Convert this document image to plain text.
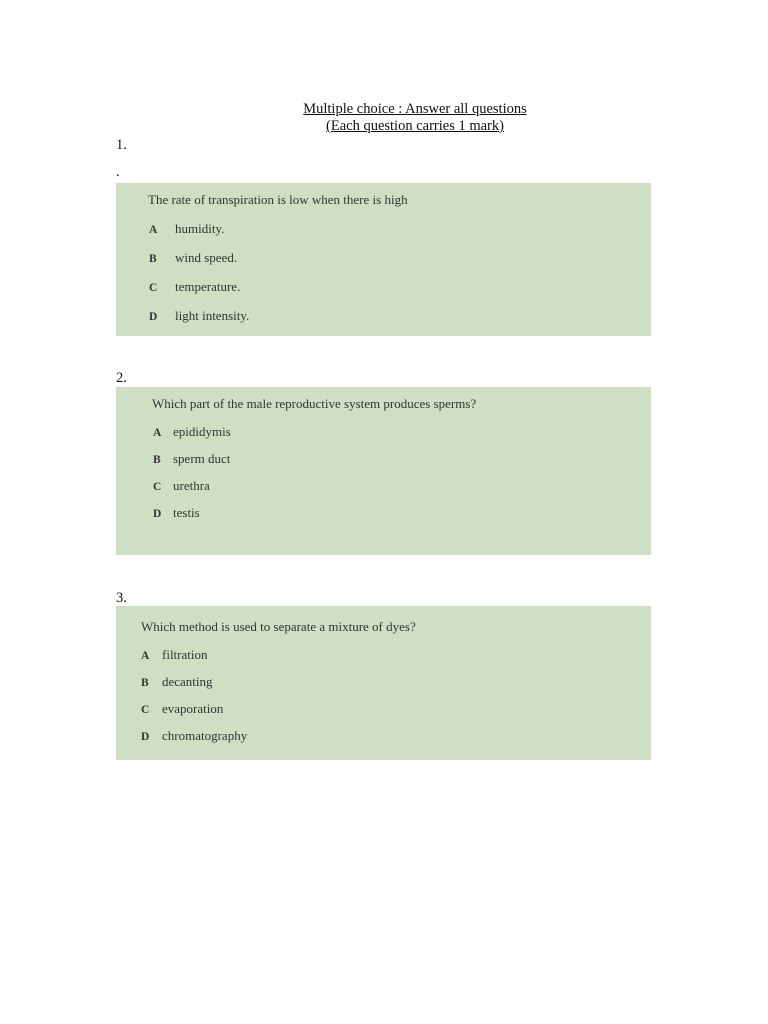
Multiple choice : Answer all questions
(Each question carries 1 mark)
1.
.
The rate of transpiration is low when there is high
A humidity.
B wind speed.
C temperature.
D light intensity.
2.
Which part of the male reproductive system produces sperms?
A epididymis
B sperm duct
C urethra
D testis
3.
Which method is used to separate a mixture of dyes?
A filtration
B decanting
C evaporation
D chromatography
